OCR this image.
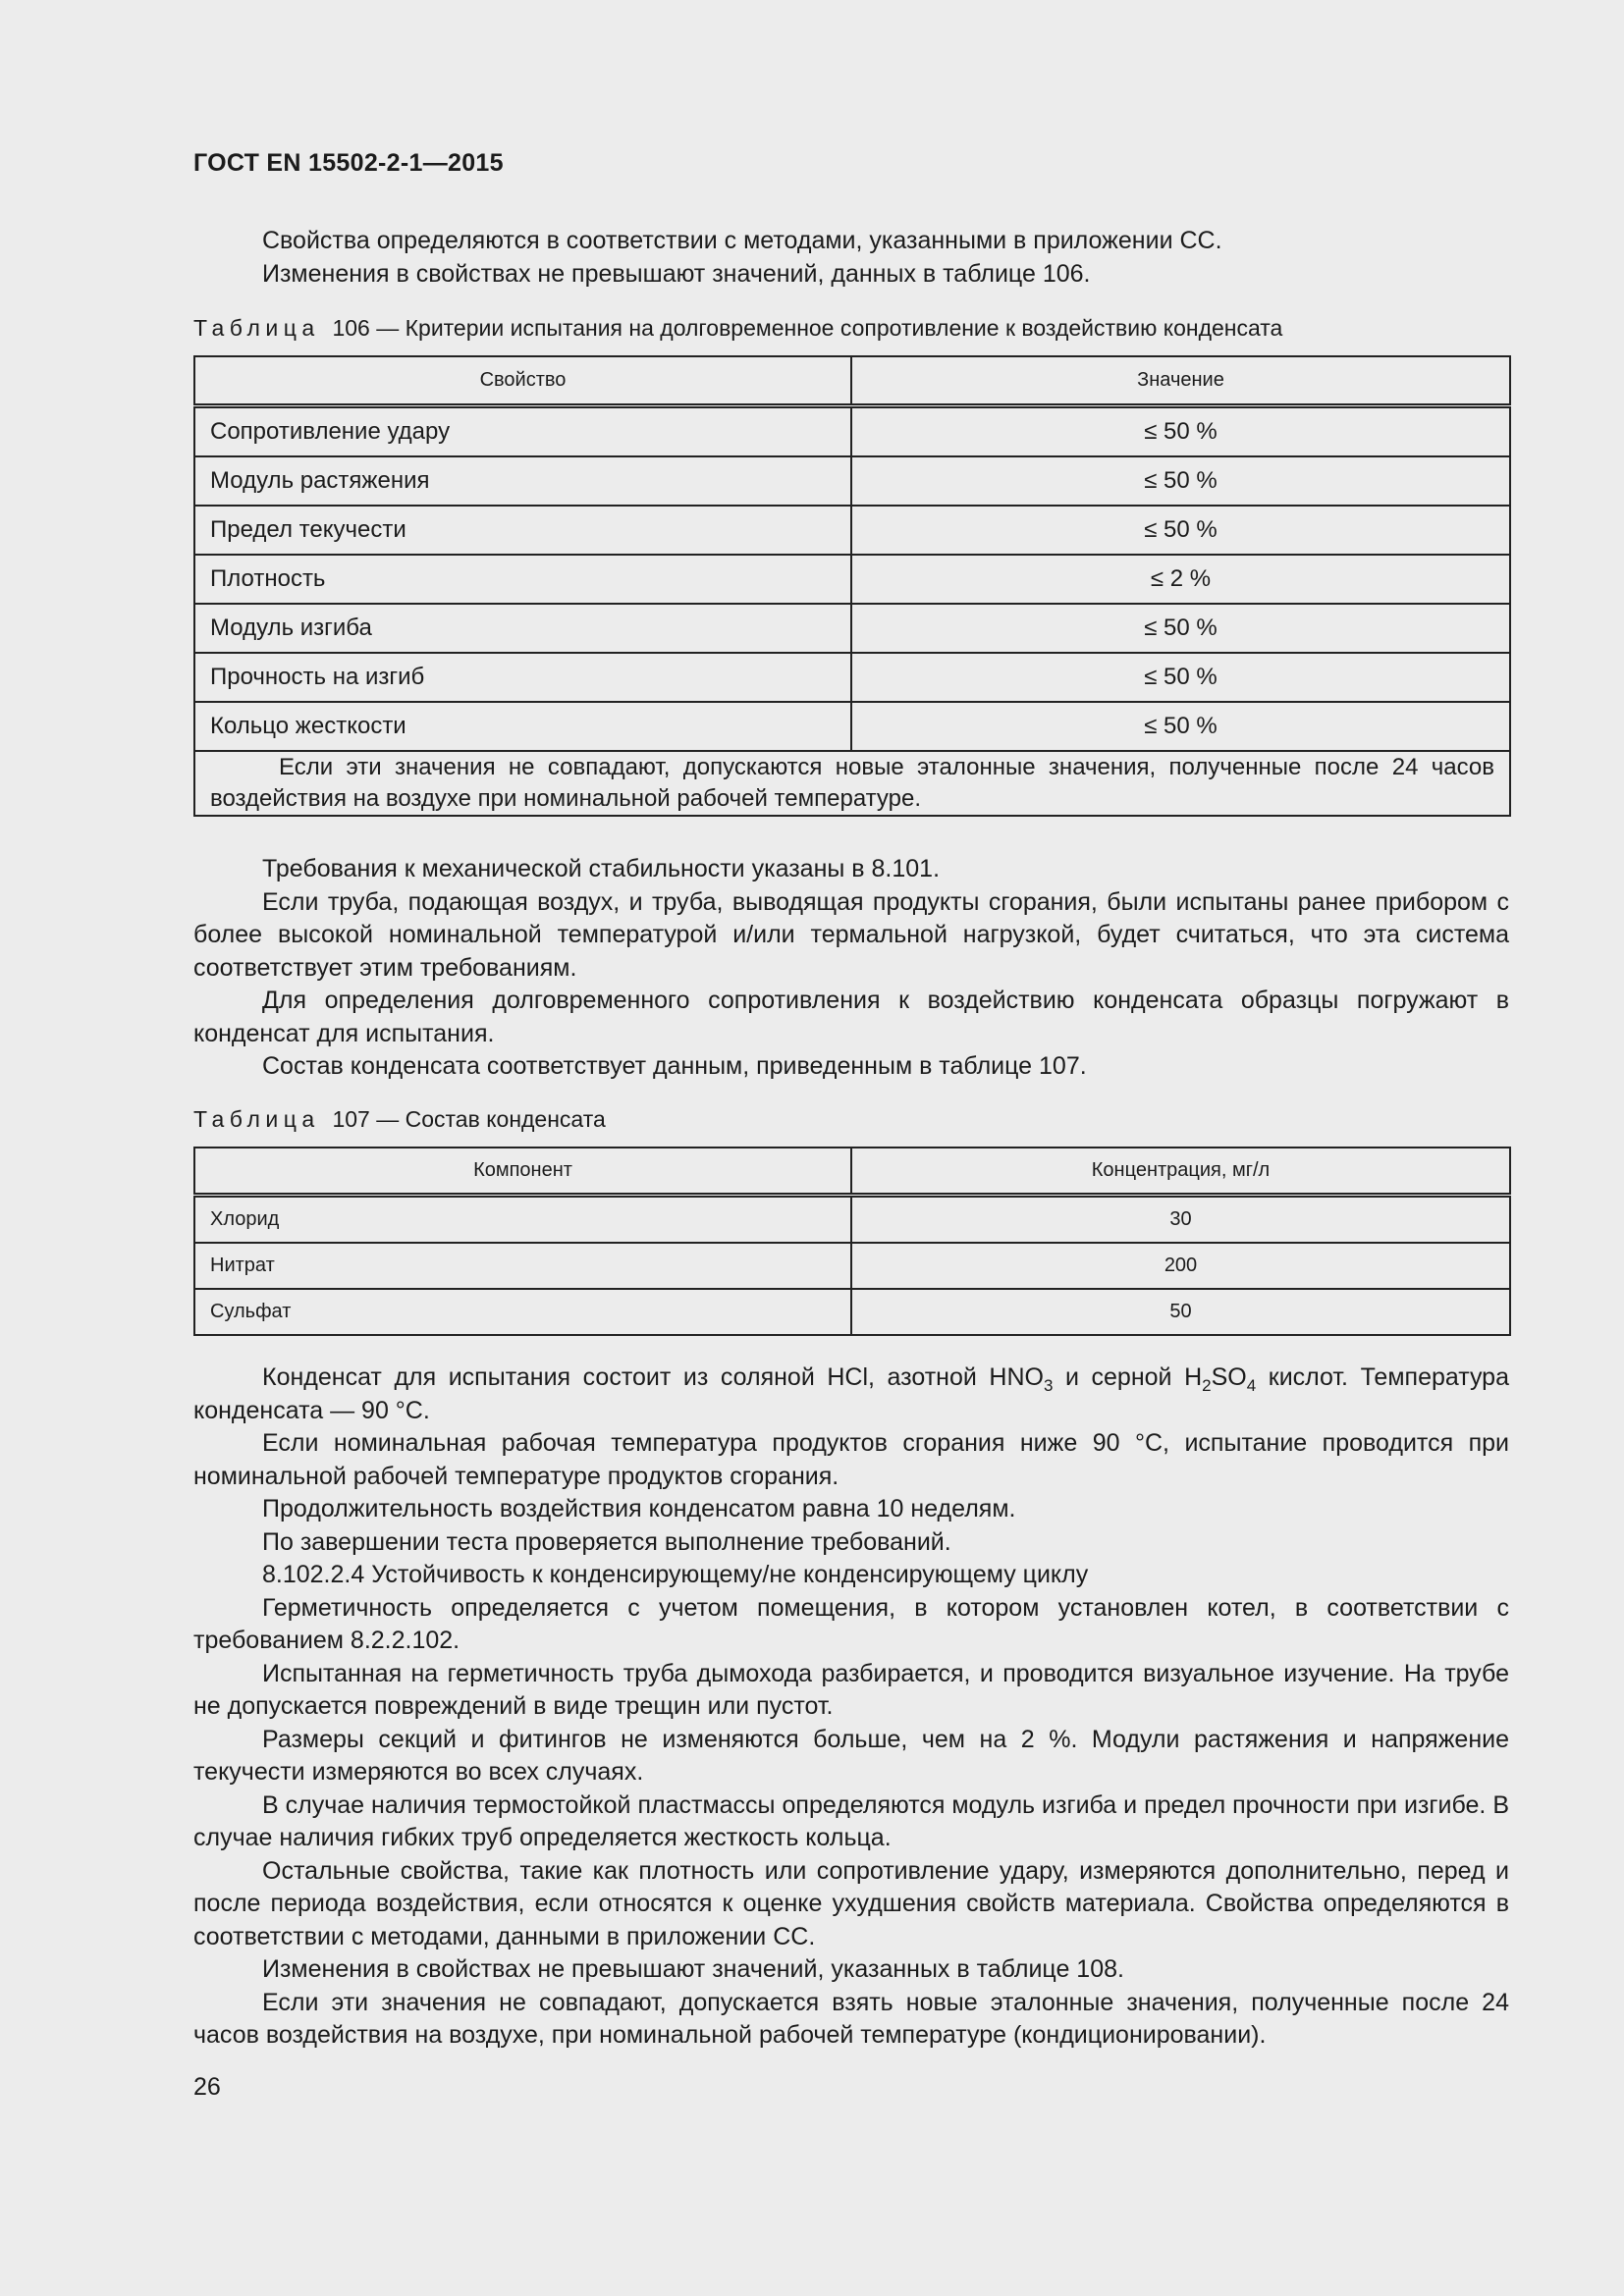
ГОСТ EN 15502-2-1—2015

Свойства определяются в соответствии с методами, указанными в приложении СС.

Изменения в свойствах не превышают значений, данных в таблице 106.

Таблица 106 — Критерии испытания на долговременное сопротивление к воздействию конденсата
Свойство	Значение
Сопротивление удару	≤ 50 %
Модуль растяжения	≤ 50 %
Предел текучести	≤ 50 %
Плотность	≤ 2 %
Модуль изгиба	≤ 50 %
Прочность на изгиб	≤ 50 %
Кольцо жесткости	≤ 50 %
Если эти значения не совпадают, допускаются новые эталонные значения, полученные после 24 часов воздействия на воздухе при номинальной рабочей температуре.	

Требования к механической стабильности указаны в 8.101.

Если труба, подающая воздух, и труба, выводящая продукты сгорания, были испытаны ранее прибором с более высокой номинальной температурой и/или термальной нагрузкой, будет считаться, что эта система соответствует этим требованиям.

Для определения долговременного сопротивления к воздействию конденсата образцы погружают в конденсат для испытания.

Состав конденсата соответствует данным, приведенным в таблице 107.

Таблица 107 — Состав конденсата
Компонент	Концентрация, мг/л
Хлорид	30
Нитрат	200
Сульфат	50

Конденсат для испытания состоит из соляной HCl, азотной $HNO_3$ и серной $H_2SO_4$ кислот. Температура конденсата — 90 °С.

Если номинальная рабочая температура продуктов сгорания ниже 90 °С, испытание проводится при номинальной рабочей температуре продуктов сгорания.

Продолжительность воздействия конденсатом равна 10 неделям.

По завершении теста проверяется выполнение требований.

8.102.2.4 Устойчивость к конденсирующему/не конденсирующему циклу

Герметичность определяется с учетом помещения, в котором установлен котел, в соответствии с требованием 8.2.2.102.

Испытанная на герметичность труба дымохода разбирается, и проводится визуальное изучение. На трубе не допускается повреждений в виде трещин или пустот.

Размеры секций и фитингов не изменяются больше, чем на 2 %. Модули растяжения и напряжение текучести измеряются во всех случаях.

В случае наличия термостойкой пластмассы определяются модуль изгиба и предел прочности при изгибе. В случае наличия гибких труб определяется жесткость кольца.

Остальные свойства, такие как плотность или сопротивление удару, измеряются дополнительно, перед и после периода воздействия, если относятся к оценке ухудшения свойств материала. Свойства определяются в соответствии с методами, данными в приложении СС.

Изменения в свойствах не превышают значений, указанных в таблице 108.

Если эти значения не совпадают, допускается взять новые эталонные значения, полученные после 24 часов воздействия на воздухе, при номинальной рабочей температуре (кондиционировании).

26
